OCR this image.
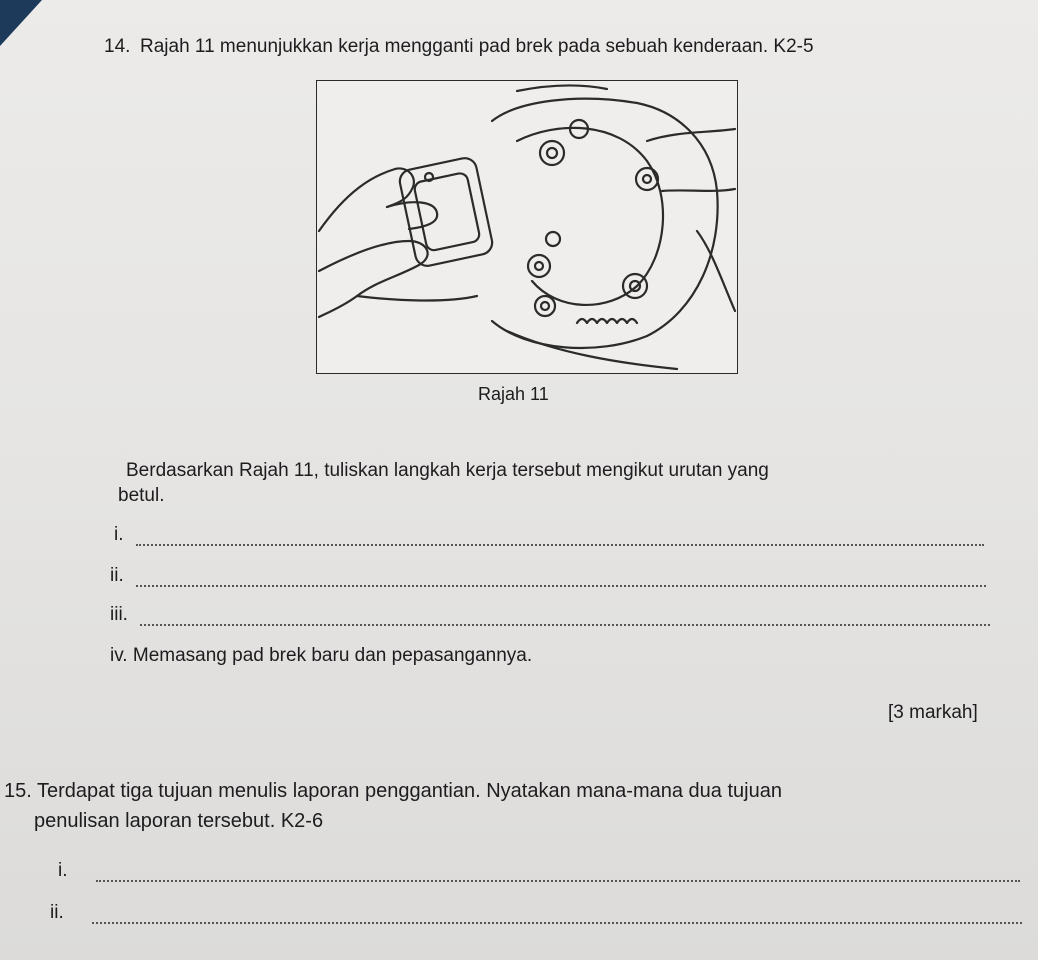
14. Rajah 11 menunjukkan kerja mengganti pad brek pada sebuah kenderaan. K2-5

Rajah 11

Berdasarkan Rajah 11, tuliskan langkah kerja tersebut mengikut urutan yang

betul.

i.
ii.
iii.

iv. Memasang pad brek baru dan pepasangannya.

[3 markah]

15. Terdapat tiga tujuan menulis laporan penggantian. Nyatakan mana-mana dua tujuan

penulisan laporan tersebut. K2-6

i.
ii.
